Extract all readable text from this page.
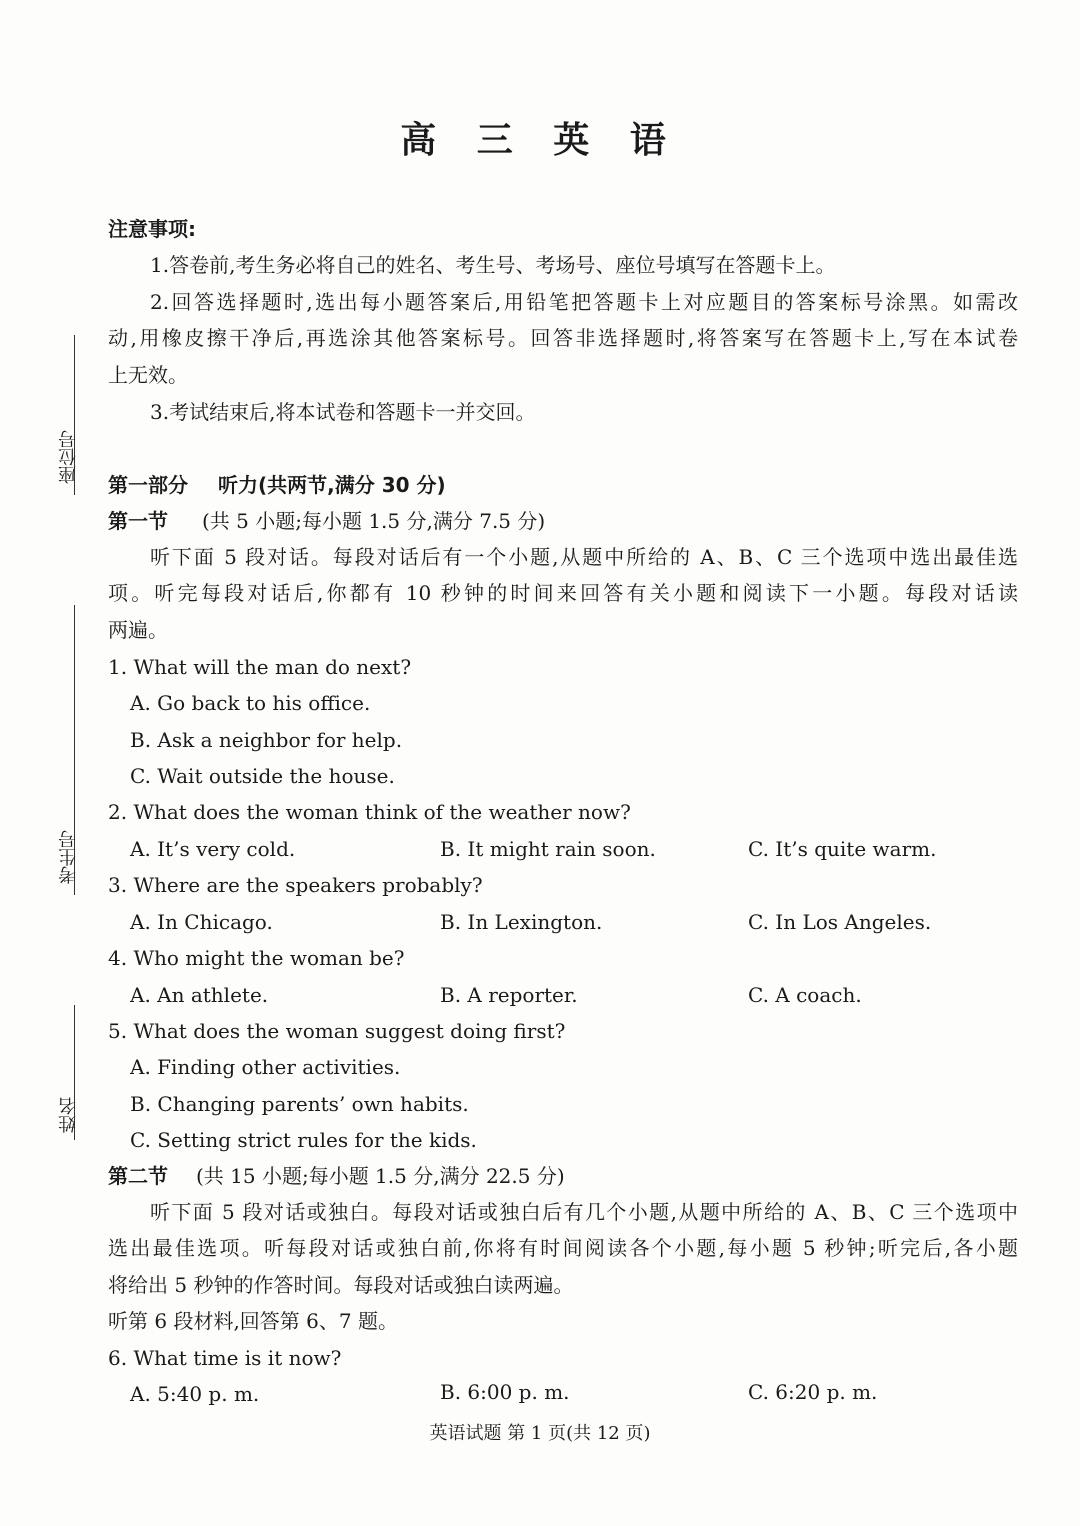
高 三 英 语
座位号
考生号
姓名
注意事项:
1.答卷前,考生务必将自己的姓名、考生号、考场号、座位号填写在答题卡上。
2.回答选择题时,选出每小题答案后,用铅笔把答题卡上对应题目的答案标号涂黑。如需改
动,用橡皮擦干净后,再选涂其他答案标号。回答非选择题时,将答案写在答题卡上,写在本试卷
上无效。
3.考试结束后,将本试卷和答题卡一并交回。
第一部分 听力(共两节,满分 30 分)
第一节 (共 5 小题;每小题 1.5 分,满分 7.5 分)
听下面 5 段对话。每段对话后有一个小题,从题中所给的 A、B、C 三个选项中选出最佳选
项。听完每段对话后,你都有 10 秒钟的时间来回答有关小题和阅读下一小题。每段对话读
两遍。
1. What will the man do next?
A. Go back to his office.
B. Ask a neighbor for help.
C. Wait outside the house.
2. What does the woman think of the weather now?
A. It’s very cold.	B. It might rain soon.	C. It’s quite warm.
3. Where are the speakers probably?
A. In Chicago.	B. In Lexington.	C. In Los Angeles.
4. Who might the woman be?
A. An athlete.	B. A reporter.	C. A coach.
5. What does the woman suggest doing first?
A. Finding other activities.
B. Changing parents’ own habits.
C. Setting strict rules for the kids.
第二节 (共 15 小题;每小题 1.5 分,满分 22.5 分)
听下面 5 段对话或独白。每段对话或独白后有几个小题,从题中所给的 A、B、C 三个选项中
选出最佳选项。听每段对话或独白前,你将有时间阅读各个小题,每小题 5 秒钟;听完后,各小题
将给出 5 秒钟的作答时间。每段对话或独白读两遍。
听第 6 段材料,回答第 6、7 题。
6. What time is it now?
A. 5:40 p. m.	B. 6:00 p. m.	C. 6:20 p. m.
英语试题 第 1 页(共 12 页)
